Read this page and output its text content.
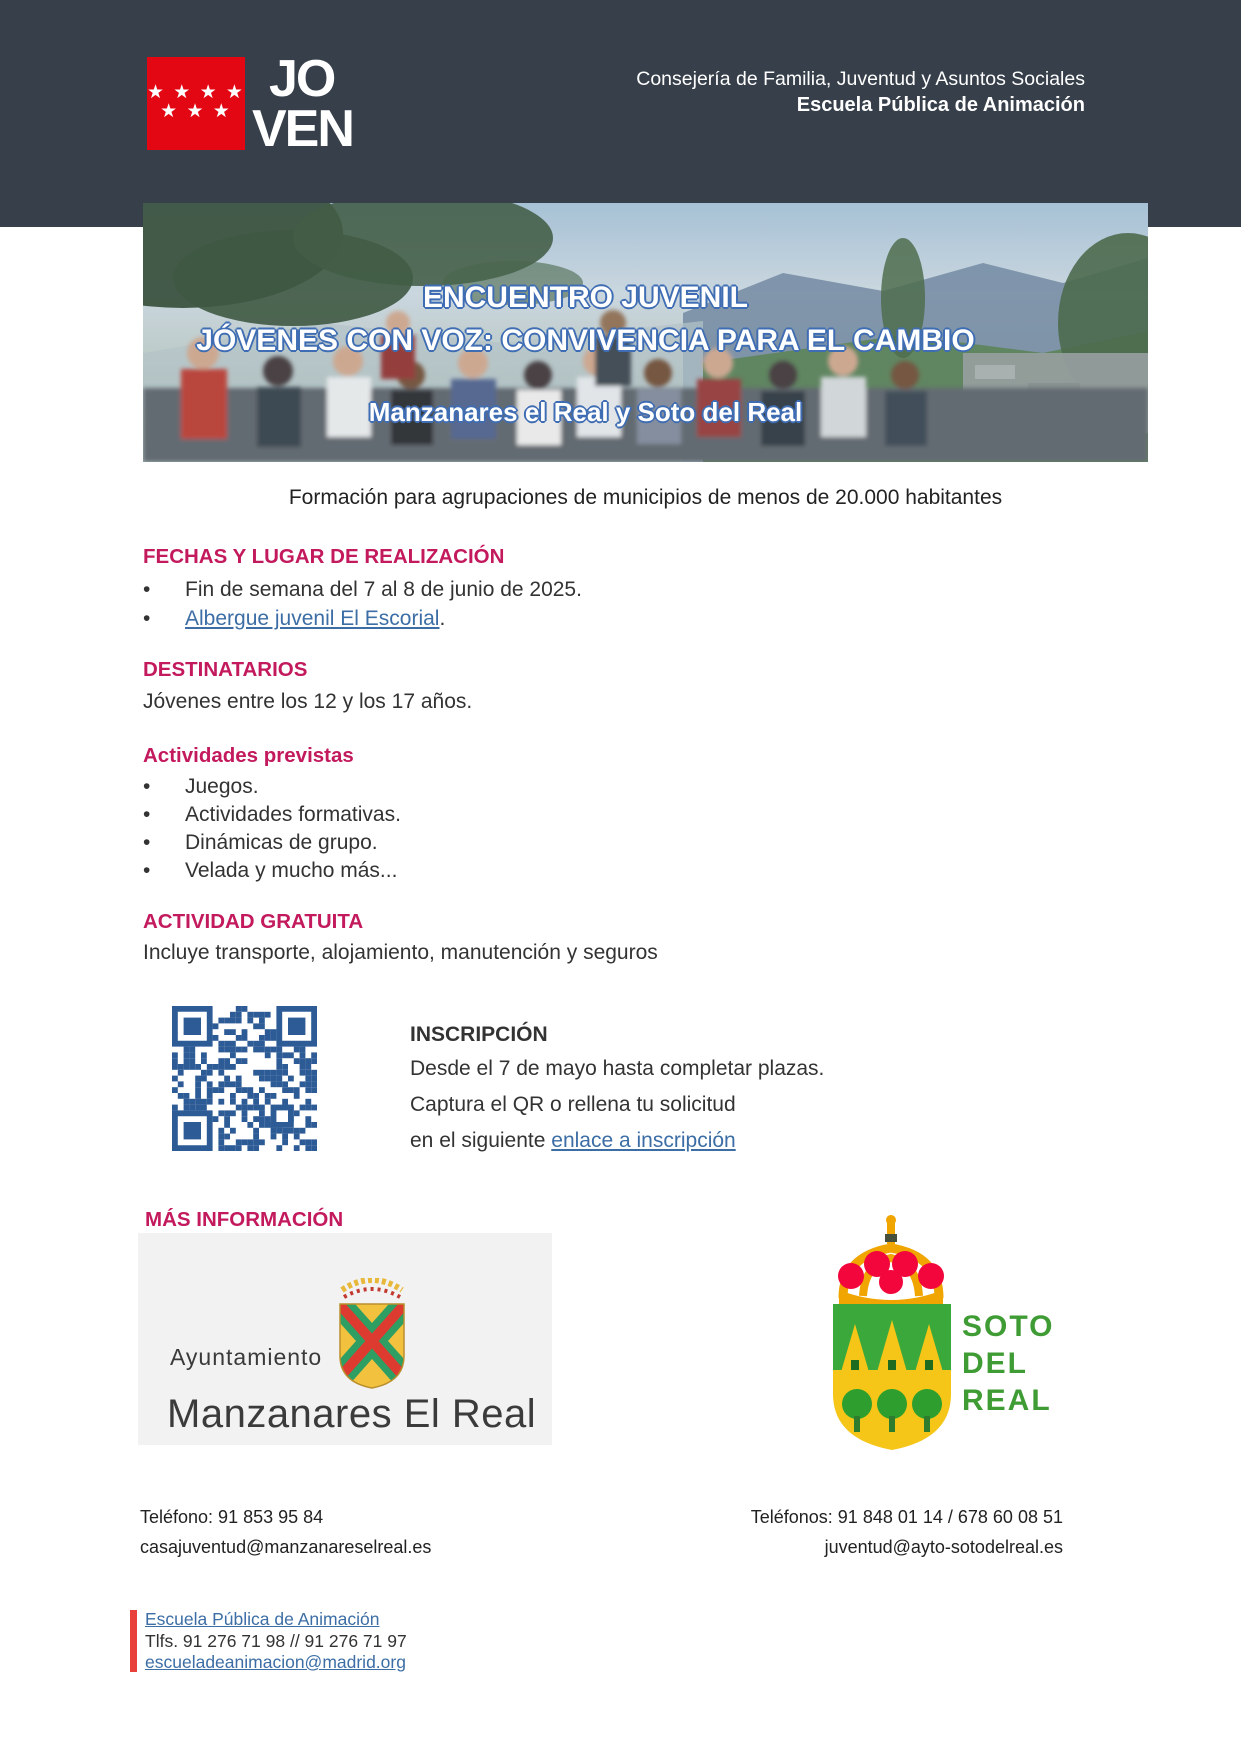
★ ★ ★ ★
★ ★ ★
JO
VEN
Consejería de Familia, Juventud y Asuntos Sociales
Escuela Pública de Animación
ENCUENTRO JUVENIL
JÓVENES CON VOZ: CONVIVENCIA PARA EL CAMBIO
Manzanares el Real y Soto del Real
Formación para agrupaciones de municipios de menos de 20.000 habitantes
FECHAS Y LUGAR DE REALIZACIÓN
•	Fin de semana del 7 al 8 de junio de 2025.
•	Albergue juvenil El Escorial.
DESTINATARIOS
Jóvenes entre los 12 y los 17 años.
Actividades previstas
•	Juegos.
•	Actividades formativas.
•	Dinámicas de grupo.
•	Velada y mucho más...
ACTIVIDAD GRATUITA
Incluye transporte, alojamiento, manutención y seguros
INSCRIPCIÓN
Desde el 7 de mayo hasta completar plazas.
Captura el QR o rellena tu solicitud
en el siguiente enlace a inscripción
MÁS INFORMACIÓN
Ayuntamiento
Manzanares El Real
SOTO
DEL
REAL
Teléfono: 91 853 95 84
casajuventud@manzanareselreal.es
Teléfonos: 91 848 01 14 / 678 60 08 51
juventud@ayto-sotodelreal.es
Escuela Pública de Animación
Tlfs. 91 276 71 98 // 91 276 71 97
escueladeanimacion@madrid.org
